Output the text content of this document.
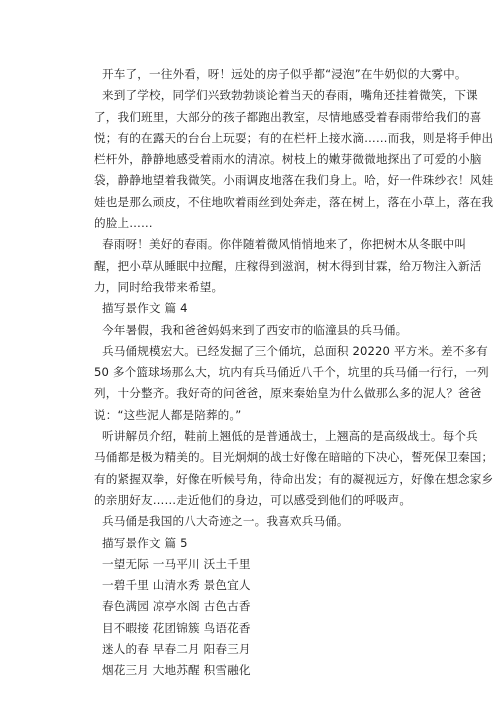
开车了，一往外看，呀！远处的房子似乎都“浸泡”在牛奶似的大雾中。
来到了学校，同学们兴致勃勃谈论着当天的春雨，嘴角还挂着微笑，下课
了，我们班里，大部分的孩子都跑出教室，尽情地感受着春雨带给我们的喜
悦；有的在露天的台台上玩耍；有的在栏杆上接水滴……而我，则是将手伸出
栏杆外，静静地感受着雨水的清凉。树枝上的嫩芽微微地探出了可爱的小脑
袋，静静地望着我微笑。小雨调皮地落在我们身上。哈，好一件珠纱衣！风娃
娃也是那么顽皮，不住地吹着雨丝到处奔走，落在树上，落在小草上，落在我
的脸上……
春雨呀！美好的春雨。你伴随着微风悄悄地来了，你把树木从冬眠中叫
醒，把小草从睡眠中拉醒，庄稼得到滋润，树木得到甘霖，给万物注入新活
力，同时给我带来希望。
描写景作文 篇 4
今年暑假，我和爸爸妈妈来到了西安市的临潼县的兵马俑。
兵马俑规模宏大。已经发掘了三个俑坑，总面积 20220 平方米。差不多有
50 多个篮球场那么大，坑内有兵马俑近八千个，坑里的兵马俑一行行，一列
列，十分整齐。我好奇的问爸爸，原来秦始皇为什么做那么多的泥人？爸爸
说：“这些泥人都是陪葬的。”
听讲解员介绍，鞋前上翘低的是普通战士，上翘高的是高级战士。每个兵
马俑都是极为精美的。目光炯炯的战士好像在暗暗的下决心，誓死保卫秦国；
有的紧握双拳，好像在听候号角，待命出发；有的凝视远方，好像在想念家乡
的亲朋好友……走近他们的身边，可以感受到他们的呼吸声。
兵马俑是我国的八大奇迹之一。我喜欢兵马俑。
描写景作文 篇 5
一望无际 一马平川 沃土千里
一碧千里 山清水秀 景色宜人
春色满园 凉亭水阁 古色古香
目不暇接 花团锦簇 鸟语花香
迷人的春 早春二月 阳春三月
烟花三月 大地苏醒 积雪融化
